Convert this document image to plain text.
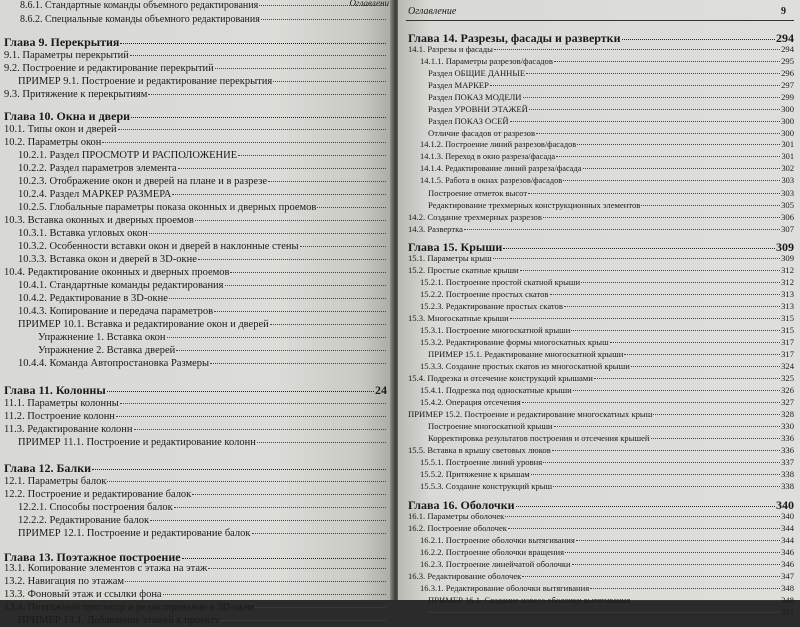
8.6.1. Стандартные команды объемного редактирования
8.6.2. Специальные команды объемного редактирования
Глава 9. Перекрытия
9.1. Параметры перекрытий
9.2. Построение и редактирование перекрытий
ПРИМЕР 9.1. Построение и редактирование перекрытия
9.3. Притяжение к перекрытиям
Глава 10. Окна и двери
10.1. Типы окон и дверей
10.2. Параметры окон
10.2.1. Раздел ПРОСМОТР И РАСПОЛОЖЕНИЕ
10.2.2. Раздел параметров элемента
10.2.3. Отображение окон и дверей на плане и в разрезе
10.2.4. Раздел МАРКЕР РАЗМЕРА
10.2.5. Глобальные параметры показа оконных и дверных проемов
10.3. Вставка оконных и дверных проемов
10.3.1. Вставка угловых окон
10.3.2. Особенности вставки окон и дверей в наклонные стены
10.3.3. Вставка окон и дверей в 3D-окне
10.4. Редактирование оконных и дверных проемов
10.4.1. Стандартные команды редактирования
10.4.2. Редактирование в 3D-окне
10.4.3. Копирование и передача параметров
ПРИМЕР 10.1. Вставка и редактирование окон и дверей
Упражнение 1. Вставка окон
Упражнение 2. Вставка дверей
10.4.4. Команда Автопростановка Размеры
Глава 11. Колонны	24
11.1. Параметры колонны
11.2. Построение колонн
11.3. Редактирование колонн
ПРИМЕР 11.1. Построение и редактирование колонн
Глава 12. Балки
12.1. Параметры балок
12.2. Построение и редактирование балок
12.2.1. Способы построения балок
12.2.2. Редактирование балок
ПРИМЕР 12.1. Построение и редактирование балок
Глава 13. Поэтажное построение
13.1. Копирование элементов с этажа на этаж
13.2. Навигация по этажам
13.3. Фоновый этаж и ссылки фона
13.4. Поэтажный просмотр и редактирование в 3D-окне
ПРИМЕР 13.1. Добавление этажей к проекту
Оглавлени
Оглавление	9
Глава 14. Разрезы, фасады и развертки	294
14.1. Разрезы и фасады	294
14.1.1. Параметры разрезов/фасадов	295
Раздел ОБЩИЕ ДАННЫЕ	296
Раздел МАРКЕР	297
Раздел ПОКАЗ МОДЕЛИ	299
Раздел УРОВНИ ЭТАЖЕЙ	300
Раздел ПОКАЗ ОСЕЙ	300
Отличие фасадов от разрезов	300
14.1.2. Построение линий разрезов/фасадов	301
14.1.3. Переход в окно разреза/фасада	301
14.1.4. Редактирование линий разреза/фасада	302
14.1.5. Работа в окнах разрезов/фасадов	303
Построение отметок высот	303
Редактирование трехмерных конструкционных элементов	305
14.2. Создание трехмерных разрезов	306
14.3. Развертка	307
Глава 15. Крыши	309
15.1. Параметры крыш	309
15.2. Простые скатные крыши	312
15.2.1. Построение простой скатной крыши	312
15.2.2. Построение простых скатов	313
15.2.3. Редактирование простых скатов	313
15.3. Многоскатные крыши	315
15.3.1. Построение многоскатной крыши	315
15.3.2. Редактирование формы многоскатных крыш	317
ПРИМЕР 15.1. Редактирование многоскатной крыши	317
15.3.3. Создание простых скатов из многоскатной крыши	324
15.4. Подрезка и отсечение конструкций крышами	325
15.4.1. Подрезка под односкатные крыши	326
15.4.2. Операция отсечения	327
ПРИМЕР 15.2. Построение и редактирование многоскатных крыш	328
Построение многоскатной крыши	330
Корректировка результатов построения и отсечения крышей	336
15.5. Вставка в крышу световых люков	336
15.5.1. Построение линий уровня	337
15.5.2. Притяжение к крышам	338
15.5.3. Создание конструкций крыш	338
Глава 16. Оболочки	340
16.1. Параметры оболочек	340
16.2. Построение оболочек	344
16.2.1. Построение оболочки вытягивания	344
16.2.2. Построение оболочки вращения	346
16.2.3. Построение линейчатой оболочки	346
16.3. Редактирование оболочек	347
16.3.1. Редактирование оболочки вытягивания	348
ПРИМЕР 16.1. Создание навеса оболочки вытягивания	348
351
